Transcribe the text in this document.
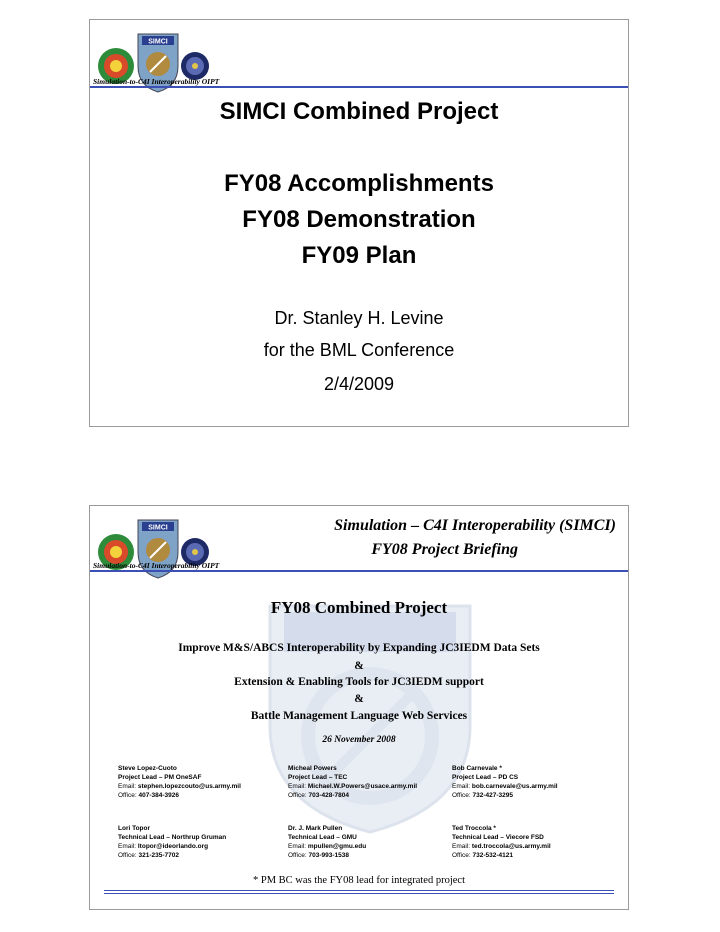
SIMCI
Simulation-to-C4I Interoperability OIPT
SIMCI Combined Project
FY08 Accomplishments
FY08 Demonstration
FY09 Plan
Dr. Stanley H. Levine
for the BML Conference
2/4/2009
SIMCI
Simulation-to-C4I Interoperability OIPT
Simulation – C4I Interoperability (SIMCI)
FY08 Project Briefing
FY08 Combined Project
Improve M&S/ABCS Interoperability by Expanding JC3IEDM Data Sets
&
Extension & Enabling Tools for JC3IEDM support
&
Battle Management Language Web Services
26 November 2008
Steve Lopez-Cuoto
Project Lead – PM OneSAF
Email: stephen.lopezcouto@us.army.mil
Office: 407-384-3926
Micheal Powers
Project Lead – TEC
Email: Michael.W.Powers@usace.army.mil
Office: 703-428-7804
Bob Carnevale *
Project Lead – PD CS
Email: bob.carnevale@us.army.mil
Office: 732-427-3295
Lori Topor
Technical Lead – Northrup Gruman
Email: ltopor@ideorlando.org
Office: 321-235-7702
Dr. J. Mark Pullen
Technical Lead – GMU
Email: mpullen@gmu.edu
Office: 703-993-1538
Ted Troccola *
Technical Lead – Viecore FSD
Email: ted.troccola@us.army.mil
Office: 732-532-4121
* PM BC was the FY08 lead for integrated project
